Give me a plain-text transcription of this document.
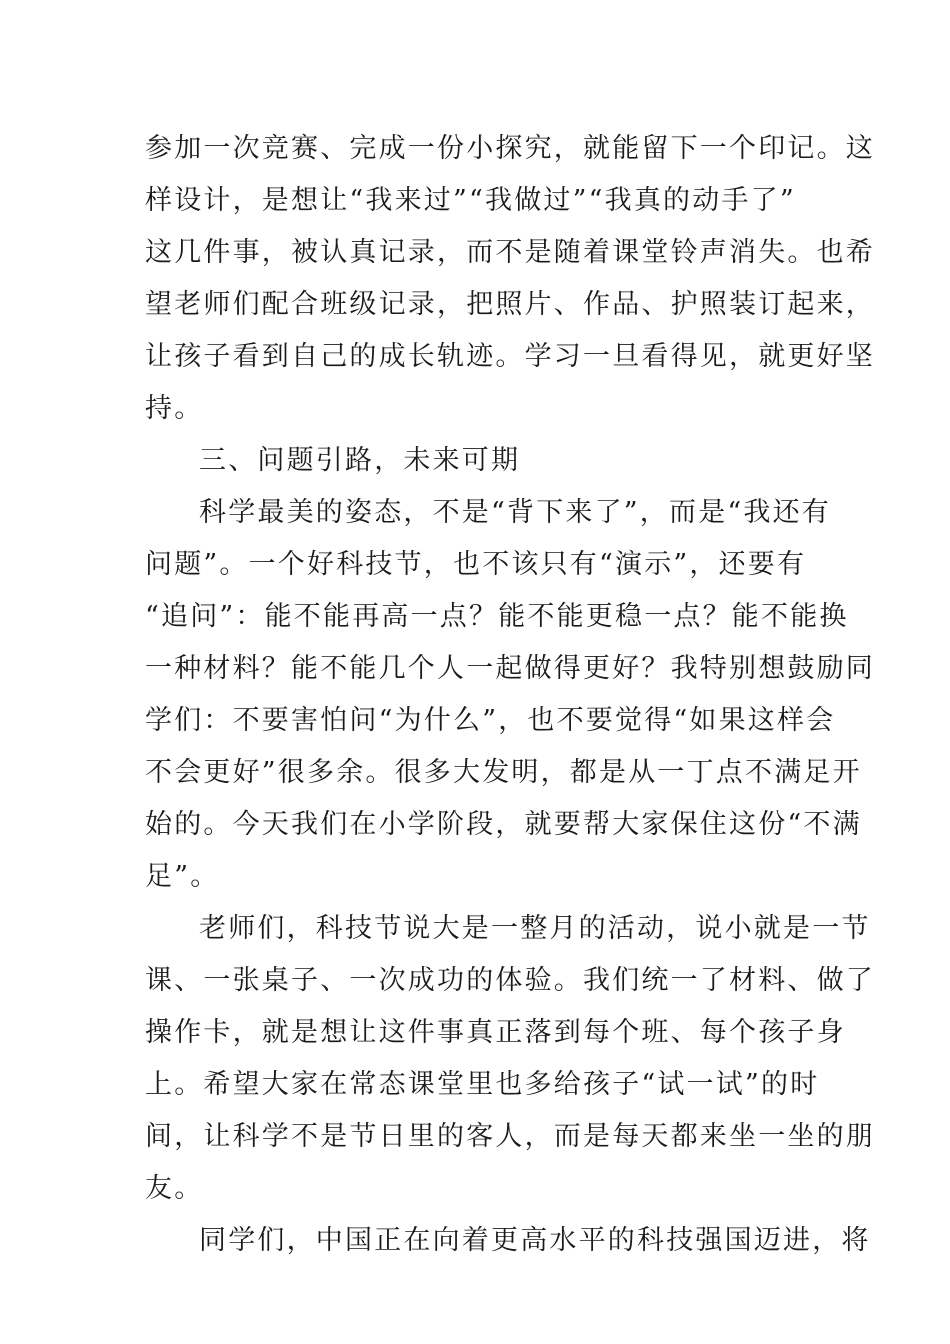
参加一次竞赛、完成一份小探究，就能留下一个印记。这
样设计，是想让“我来过”“我做过”“我真的动手了”
这几件事，被认真记录，而不是随着课堂铃声消失。也希
望老师们配合班级记录，把照片、作品、护照装订起来，
让孩子看到自己的成长轨迹。学习一旦看得见，就更好坚
持。
三、问题引路，未来可期
科学最美的姿态，不是“背下来了”，而是“我还有
问题”。一个好科技节，也不该只有“演示”，还要有
“追问”：能不能再高一点？能不能更稳一点？能不能换
一种材料？能不能几个人一起做得更好？我特别想鼓励同
学们：不要害怕问“为什么”，也不要觉得“如果这样会
不会更好”很多余。很多大发明，都是从一丁点不满足开
始的。今天我们在小学阶段，就要帮大家保住这份“不满
足”。
老师们，科技节说大是一整月的活动，说小就是一节
课、一张桌子、一次成功的体验。我们统一了材料、做了
操作卡，就是想让这件事真正落到每个班、每个孩子身
上。希望大家在常态课堂里也多给孩子“试一试”的时
间，让科学不是节日里的客人，而是每天都来坐一坐的朋
友。
同学们，中国正在向着更高水平的科技强国迈进，将
